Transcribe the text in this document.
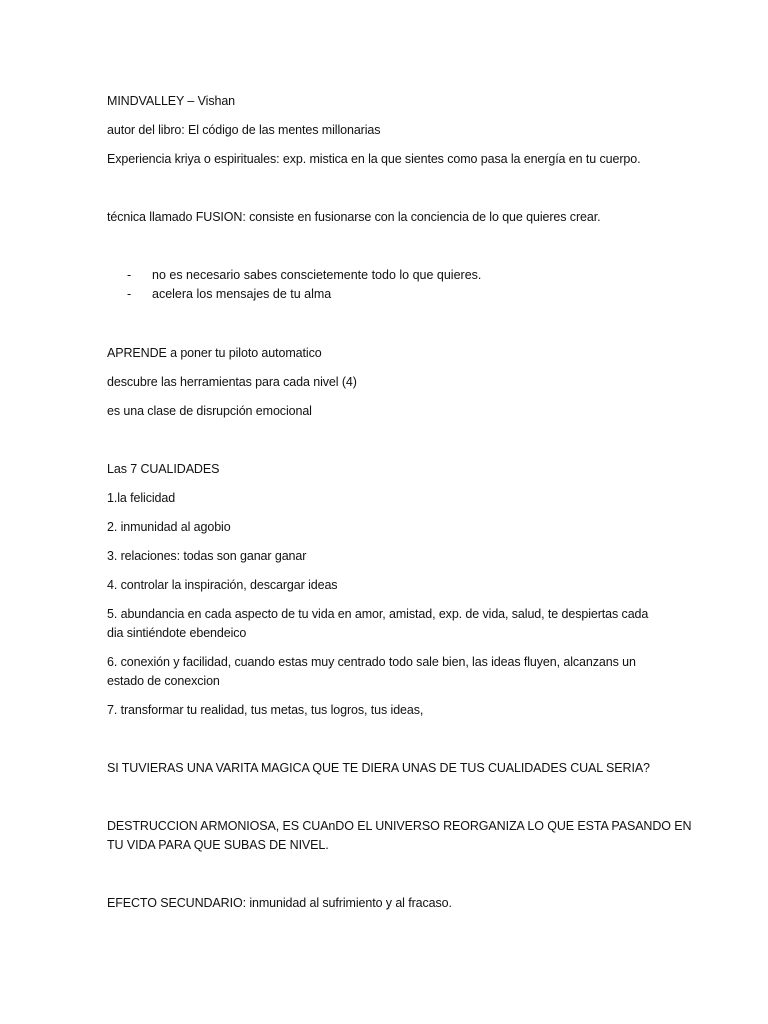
MINDVALLEY – Vishan
autor del libro: El código de las mentes millonarias
Experiencia kriya o espirituales: exp. mistica en la que sientes como pasa la energía en tu cuerpo.
técnica llamado FUSION: consiste en fusionarse con la conciencia de lo que quieres crear.
- no es necesario sabes conscietemente todo lo que quieres.
- acelera los mensajes de tu alma
APRENDE a poner tu piloto automatico
descubre las herramientas para cada nivel (4)
es una clase de disrupción emocional
Las 7 CUALIDADES
1.la felicidad
2. inmunidad al agobio
3. relaciones: todas son ganar ganar
4. controlar la inspiración, descargar ideas
5. abundancia en cada aspecto de tu vida en amor, amistad, exp. de vida, salud, te despiertas cada
dia sintiéndote ebendeico
6. conexión y facilidad, cuando estas muy centrado todo sale bien, las ideas fluyen, alcanzans un
estado de conexcion
7. transformar tu realidad, tus metas, tus logros, tus ideas,
SI TUVIERAS UNA VARITA MAGICA QUE TE DIERA UNAS DE TUS CUALIDADES CUAL SERIA?
DESTRUCCION ARMONIOSA, ES CUAnDO EL UNIVERSO REORGANIZA LO QUE ESTA PASANDO EN
TU VIDA PARA QUE SUBAS DE NIVEL.
EFECTO SECUNDARIO: inmunidad al sufrimiento y al fracaso.
